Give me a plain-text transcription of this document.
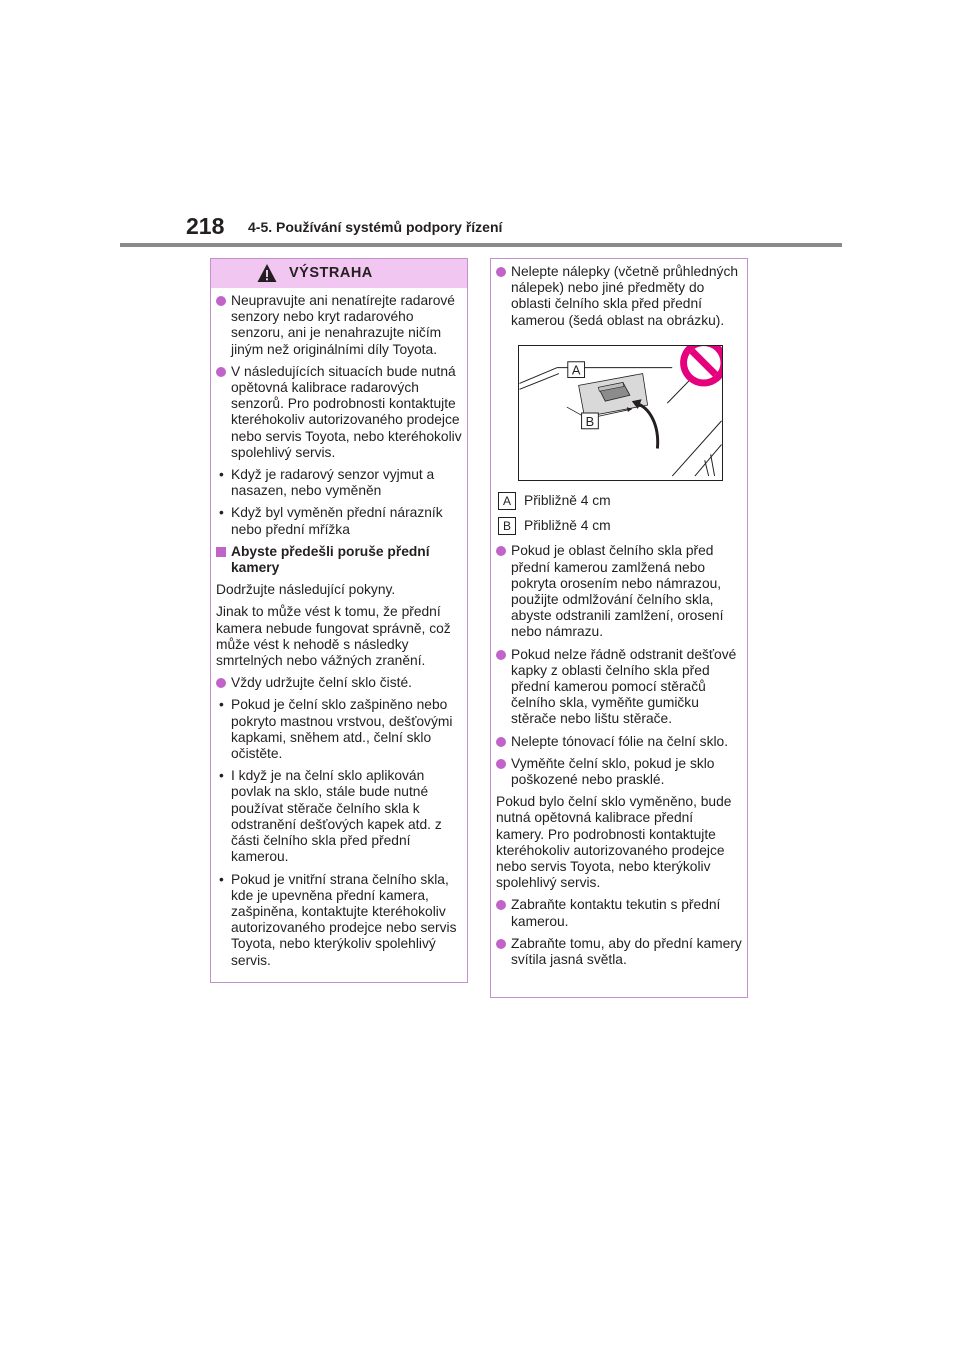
218 4-5. Používání systémů podpory řízení
VÝSTRAHA
Neupravujte ani nenatírejte radarové senzory nebo kryt radarového senzoru, ani je nenahrazujte ničím jiným než originálními díly Toyota.
V následujících situacích bude nutná opětovná kalibrace radarových senzorů. Pro podrobnosti kontaktujte kteréhokoliv autorizovaného prodejce nebo servis Toyota, nebo kteréhokoliv spolehlivý servis.
• Když je radarový senzor vyjmut a nasazen, nebo vyměněn
• Když byl vyměněn přední nárazník nebo přední mřížka
Abyste předešli poruše přední kamery
Dodržujte následující pokyny.
Jinak to může vést k tomu, že přední kamera nebude fungovat správně, což může vést k nehodě s následky smrtelných nebo vážných zranění.
Vždy udržujte čelní sklo čisté.
• Pokud je čelní sklo zašpiněno nebo pokryto mastnou vrstvou, dešťovými kapkami, sněhem atd., čelní sklo očistěte.
• I když je na čelní sklo aplikován povlak na sklo, stále bude nutné používat stěrače čelního skla k odstranění dešťových kapek atd. z části čelního skla před přední kamerou.
• Pokud je vnitřní strana čelního skla, kde je upevněna přední kamera, zašpiněna, kontaktujte kteréhokoliv autorizovaného prodejce nebo servis Toyota, nebo kterýkoliv spolehlivý servis.
Nelepte nálepky (včetně průhledných nálepek) nebo jiné předměty do oblasti čelního skla před přední kamerou (šedá oblast na obrázku).
A
B
A Přibližně 4 cm
B Přibližně 4 cm
Pokud je oblast čelního skla před přední kamerou zamlžená nebo pokryta orosením nebo námrazou, použijte odmlžování čelního skla, abyste odstranili zamlžení, orosení nebo námrazu.
Pokud nelze řádně odstranit dešťové kapky z oblasti čelního skla před přední kamerou pomocí stěračů čelního skla, vyměňte gumičku stěrače nebo lištu stěrače.
Nelepte tónovací fólie na čelní sklo.
Vyměňte čelní sklo, pokud je sklo poškozené nebo prasklé.
Pokud bylo čelní sklo vyměněno, bude nutná opětovná kalibrace přední kamery. Pro podrobnosti kontaktujte kteréhokoliv autorizovaného prodejce nebo servis Toyota, nebo kterýkoliv spolehlivý servis.
Zabraňte kontaktu tekutin s přední kamerou.
Zabraňte tomu, aby do přední kamery svítila jasná světla.
